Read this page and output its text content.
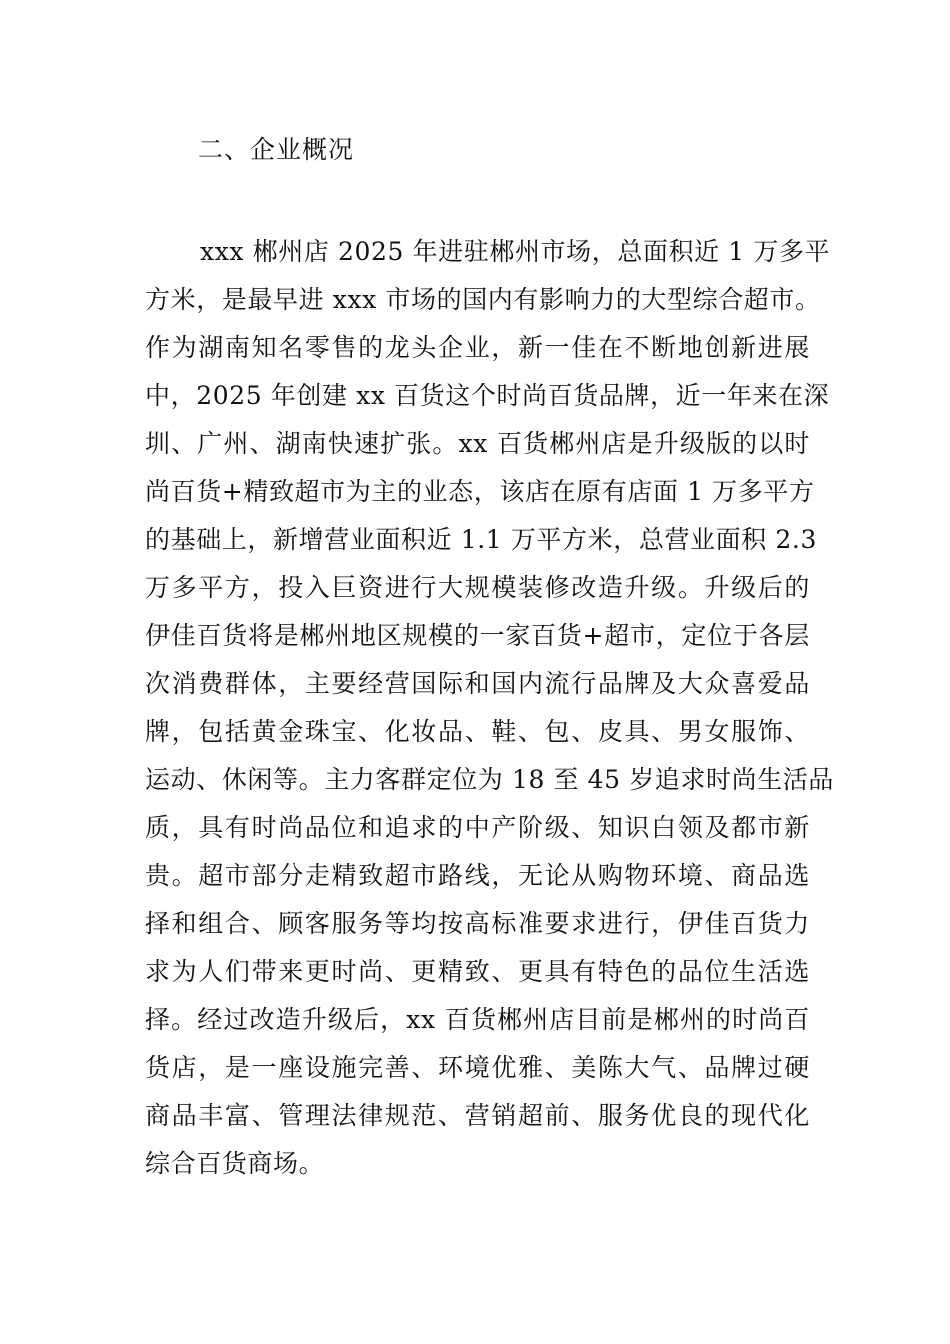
二、企业概况
xxx 郴州店 2025 年进驻郴州市场，总面积近 1 万多平
方米，是最早进 xxx 市场的国内有影响力的大型综合超市。
作为湖南知名零售的龙头企业，新一佳在不断地创新进展
中，2025 年创建 xx 百货这个时尚百货品牌，近一年来在深
圳、广州、湖南快速扩张。xx 百货郴州店是升级版的以时
尚百货+精致超市为主的业态，该店在原有店面 1 万多平方
的基础上，新增营业面积近 1.1 万平方米，总营业面积 2.3
万多平方，投入巨资进行大规模装修改造升级。升级后的
伊佳百货将是郴州地区规模的一家百货+超市，定位于各层
次消费群体，主要经营国际和国内流行品牌及大众喜爱品
牌，包括黄金珠宝、化妆品、鞋、包、皮具、男女服饰、
运动、休闲等。主力客群定位为 18 至 45 岁追求时尚生活品
质，具有时尚品位和追求的中产阶级、知识白领及都市新
贵。超市部分走精致超市路线，无论从购物环境、商品选
择和组合、顾客服务等均按高标准要求进行，伊佳百货力
求为人们带来更时尚、更精致、更具有特色的品位生活选
择。经过改造升级后，xx 百货郴州店目前是郴州的时尚百
货店，是一座设施完善、环境优雅、美陈大气、品牌过硬
商品丰富、管理法律规范、营销超前、服务优良的现代化
综合百货商场。
